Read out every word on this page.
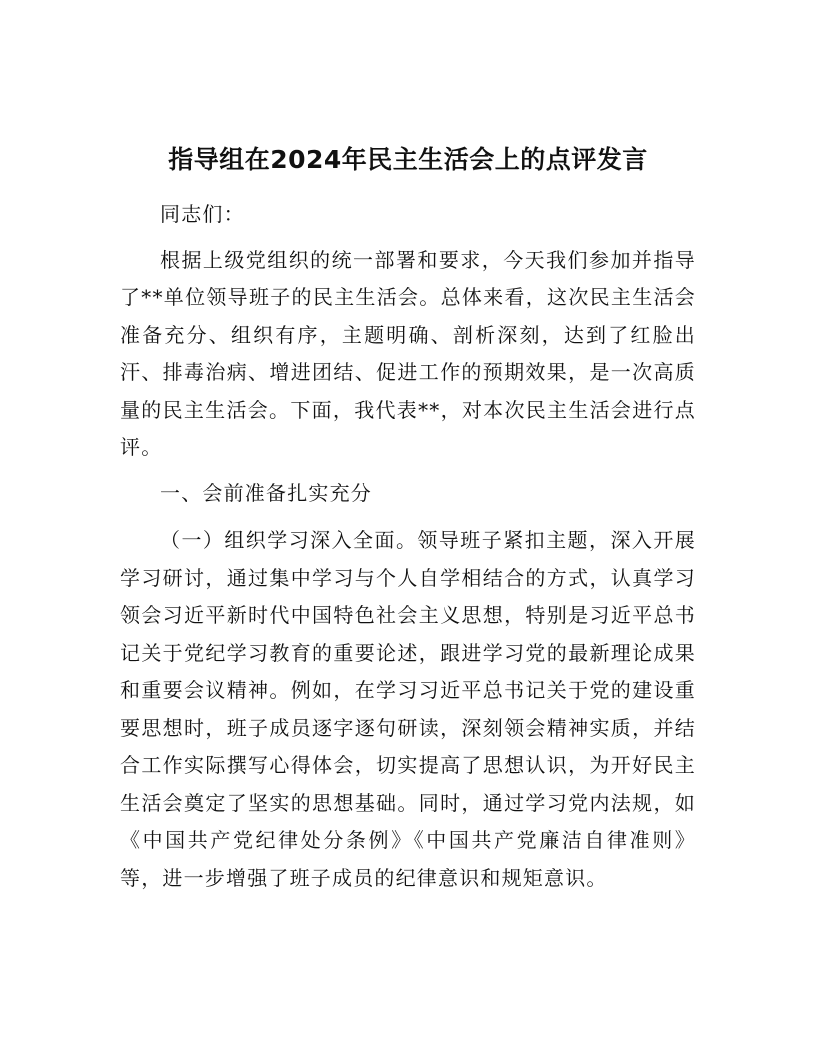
指导组在2024年民主生活会上的点评发言

同志们：

根据上级党组织的统一部署和要求，今天我们参加并指导了**单位领导班子的民主生活会。总体来看，这次民主生活会准备充分、组织有序，主题明确、剖析深刻，达到了红脸出汗、排毒治病、增进团结、促进工作的预期效果，是一次高质量的民主生活会。下面，我代表**，对本次民主生活会进行点评。

一、会前准备扎实充分

（一）组织学习深入全面。领导班子紧扣主题，深入开展学习研讨，通过集中学习与个人自学相结合的方式，认真学习领会习近平新时代中国特色社会主义思想，特别是习近平总书记关于党纪学习教育的重要论述，跟进学习党的最新理论成果和重要会议精神。例如，在学习习近平总书记关于党的建设重要思想时，班子成员逐字逐句研读，深刻领会精神实质，并结合工作实际撰写心得体会，切实提高了思想认识，为开好民主生活会奠定了坚实的思想基础。同时，通过学习党内法规，如《中国共产党纪律处分条例》《中国共产党廉洁自律准则》等，进一步增强了班子成员的纪律意识和规矩意识。
